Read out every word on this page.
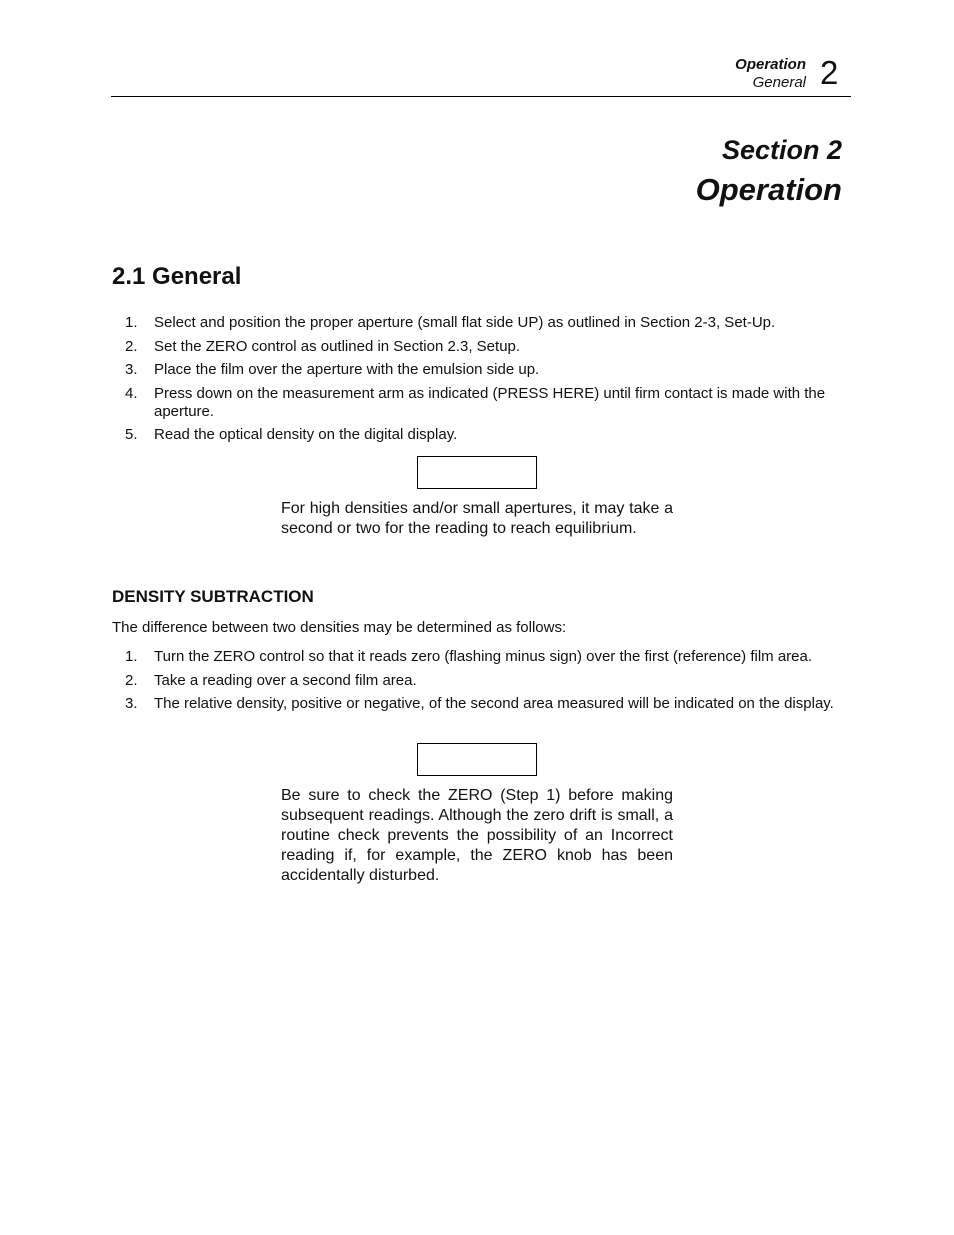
Operation
General 2
Section 2
Operation
2.1 General
1. Select and position the proper aperture (small flat side UP) as outlined in Section 2-3, Set-Up.
2. Set the ZERO control as outlined in Section 2.3, Setup.
3. Place the film over the aperture with the emulsion side up.
4. Press down on the measurement arm as indicated (PRESS HERE) until firm contact is made with the aperture.
5. Read the optical density on the digital display.
For high densities and/or small apertures, it may take a second or two for the reading to reach equilibrium.
DENSITY SUBTRACTION
The difference between two densities may be determined as follows:
1. Turn the ZERO control so that it reads zero (flashing minus sign) over the first (reference) film area.
2. Take a reading over a second film area.
3. The relative density, positive or negative, of the second area measured will be indicated on the display.
Be sure to check the ZERO (Step 1) before making subsequent readings. Although the zero drift is small, a routine check prevents the possibility of an Incorrect reading if, for example, the ZERO knob has been accidentally disturbed.
